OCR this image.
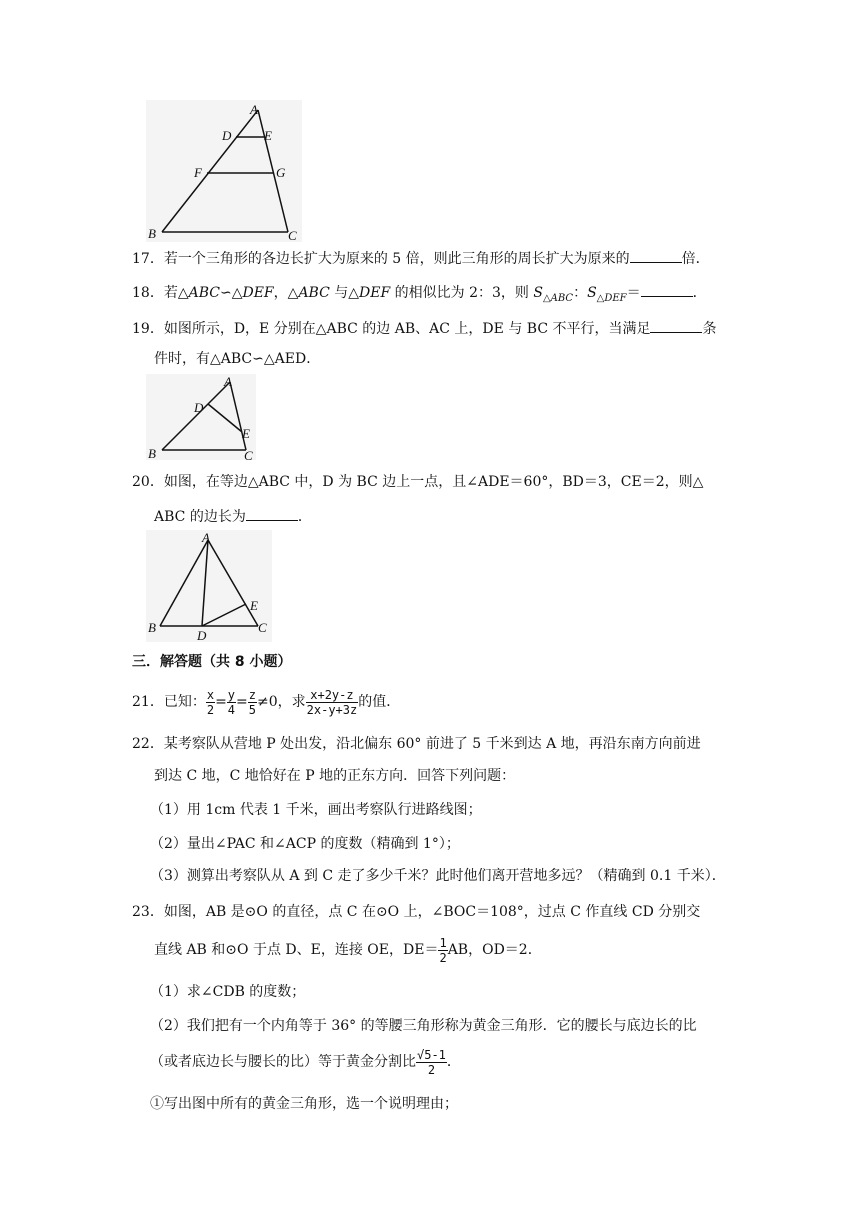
A
D	E
F	G
B	C
17．若一个三角形的各边长扩大为原来的 5 倍，则此三角形的周长扩大为原来的	倍．
18．若△ABC∽△DEF，△ABC 与△DEF 的相似比为 2：3，则 $S_{\triangle ABC}$：$S_{\triangle DEF}=$	．
19．如图所示，D，E 分别在△ABC 的边 AB、AC 上，DE 与 BC 不平行，当满足	条
件时，有△ABC∽△AED．
A
D
E
B	C
20．如图，在等边△ABC 中，D 为 BC 边上一点，且∠ADE＝60°，BD＝3，CE＝2，则△
ABC 的边长为	．
A
B
D
C
E
三．解答题（共 8 小题）
21．已知： $\frac{x}{2} = \frac{y}{4} = \frac{z}{5} \ne 0$，求 $\frac{x+2y-z}{2x-y+3z}$ 的值．
22．某考察队从营地 P 处出发，沿北偏东 60° 前进了 5 千米到达 A 地，再沿东南方向前进
到达 C 地，C 地恰好在 P 地的正东方向．回答下列问题：
（1）用 1cm 代表 1 千米，画出考察队行进路线图；
（2）量出∠PAC 和∠ACP 的度数（精确到 1°）；
（3）测算出考察队从 A 到 C 走了多少千米？此时他们离开营地多远？（精确到 0.1 千米）．
23．如图，AB 是⊙O 的直径，点 C 在⊙O 上，∠BOC＝108°，过点 C 作直线 CD 分别交
直线 AB 和⊙O 于点 D、E，连接 OE，$DE= \frac{1}{2}$ AB，OD＝2．
（1）求∠CDB 的度数；
（2）我们把有一个内角等于 36° 的等腰三角形称为黄金三角形．它的腰长与底边长的比
（或者底边长与腰长的比）等于黄金分割比 $\frac{√5-1}{2}$ ．
①写出图中所有的黄金三角形，选一个说明理由；
